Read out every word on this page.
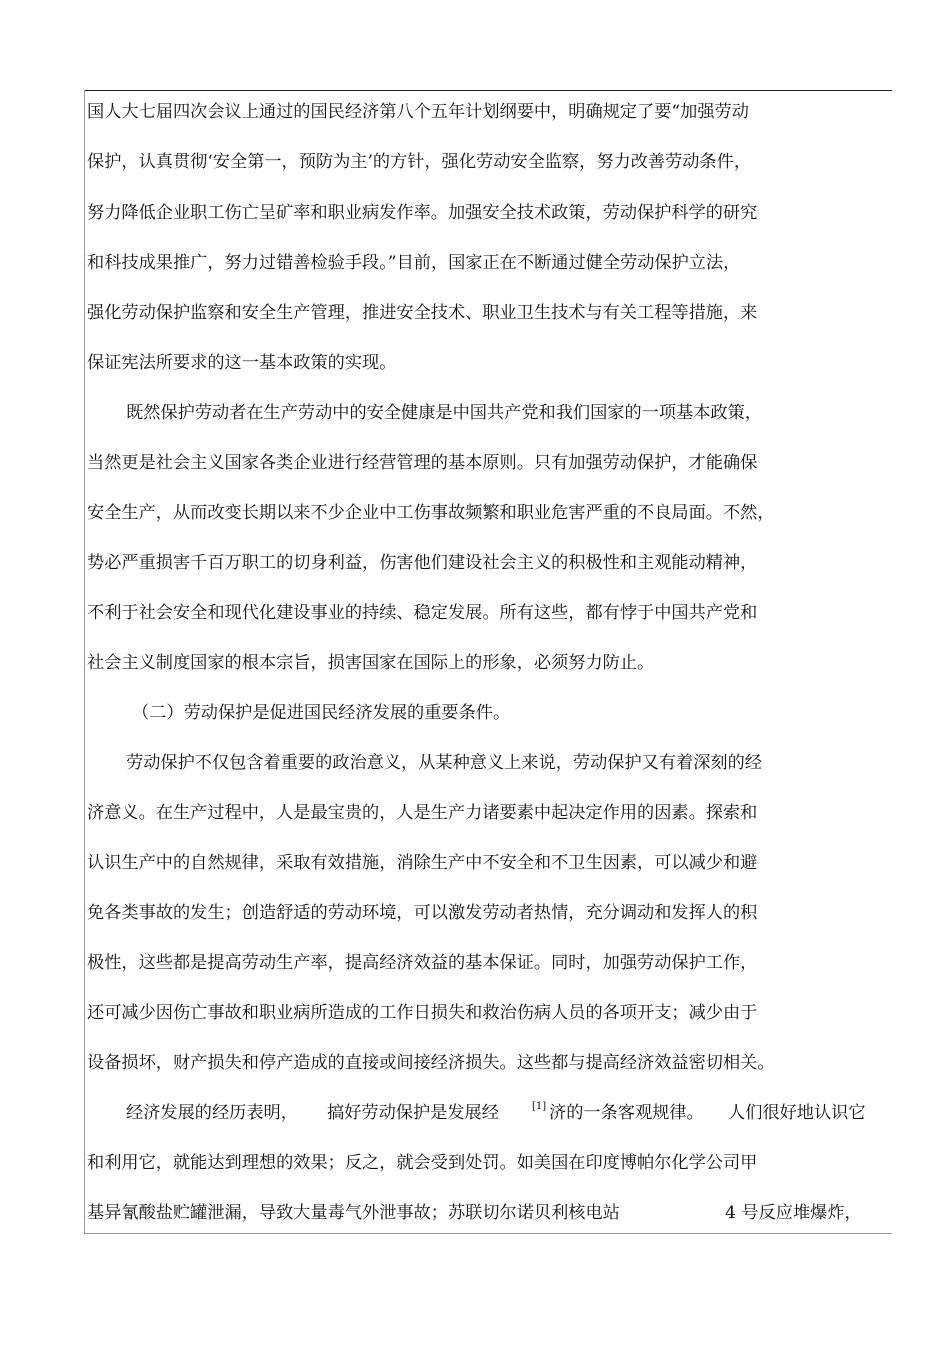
国人大七届四次会议上通过的国民经济第八个五年计划纲要中，明确规定了要“加强劳动
保护，认真贯彻‘安全第一，预防为主’的方针，强化劳动安全监察，努力改善劳动条件，
努力降低企业职工伤亡呈矿率和职业病发作率。加强安全技术政策，劳动保护科学的研究
和科技成果推广，努力过错善检验手段。”目前，国家正在不断通过健全劳动保护立法，
强化劳动保护监察和安全生产管理，推进安全技术、职业卫生技术与有关工程等措施，来
保证宪法所要求的这一基本政策的实现。
既然保护劳动者在生产劳动中的安全健康是中国共产党和我们国家的一项基本政策，
当然更是社会主义国家各类企业进行经营管理的基本原则。只有加强劳动保护，才能确保
安全生产，从而改变长期以来不少企业中工伤事故频繁和职业危害严重的不良局面。不然，
势必严重损害千百万职工的切身利益，伤害他们建设社会主义的积极性和主观能动精神，
不利于社会安全和现代化建设事业的持续、稳定发展。所有这些，都有悖于中国共产党和
社会主义制度国家的根本宗旨，损害国家在国际上的形象，必须努力防止。
（二）劳动保护是促进国民经济发展的重要条件。
劳动保护不仅包含着重要的政治意义，从某种意义上来说，劳动保护又有着深刻的经
济意义。在生产过程中，人是最宝贵的，人是生产力诸要素中起决定作用的因素。探索和
认识生产中的自然规律，采取有效措施，消除生产中不安全和不卫生因素，可以减少和避
免各类事故的发生；创造舒适的劳动环境，可以激发劳动者热情，充分调动和发挥人的积
极性，这些都是提高劳动生产率，提高经济效益的基本保证。同时，加强劳动保护工作，
还可减少因伤亡事故和职业病所造成的工作日损失和救治伤病人员的各项开支；减少由于
设备损坏，财产损失和停产造成的直接或间接经济损失。这些都与提高经济效益密切相关。
经济发展的经历表明， 搞好劳动保护是发展经	[1] 济的一条客观规律。 人们很好地认识它
和利用它，就能达到理想的效果；反之，就会受到处罚。如美国在印度博帕尔化学公司甲
基异氰酸盐贮罐泄漏，导致大量毒气外泄事故；苏联切尔诺贝利核电站	4 号反应堆爆炸，
